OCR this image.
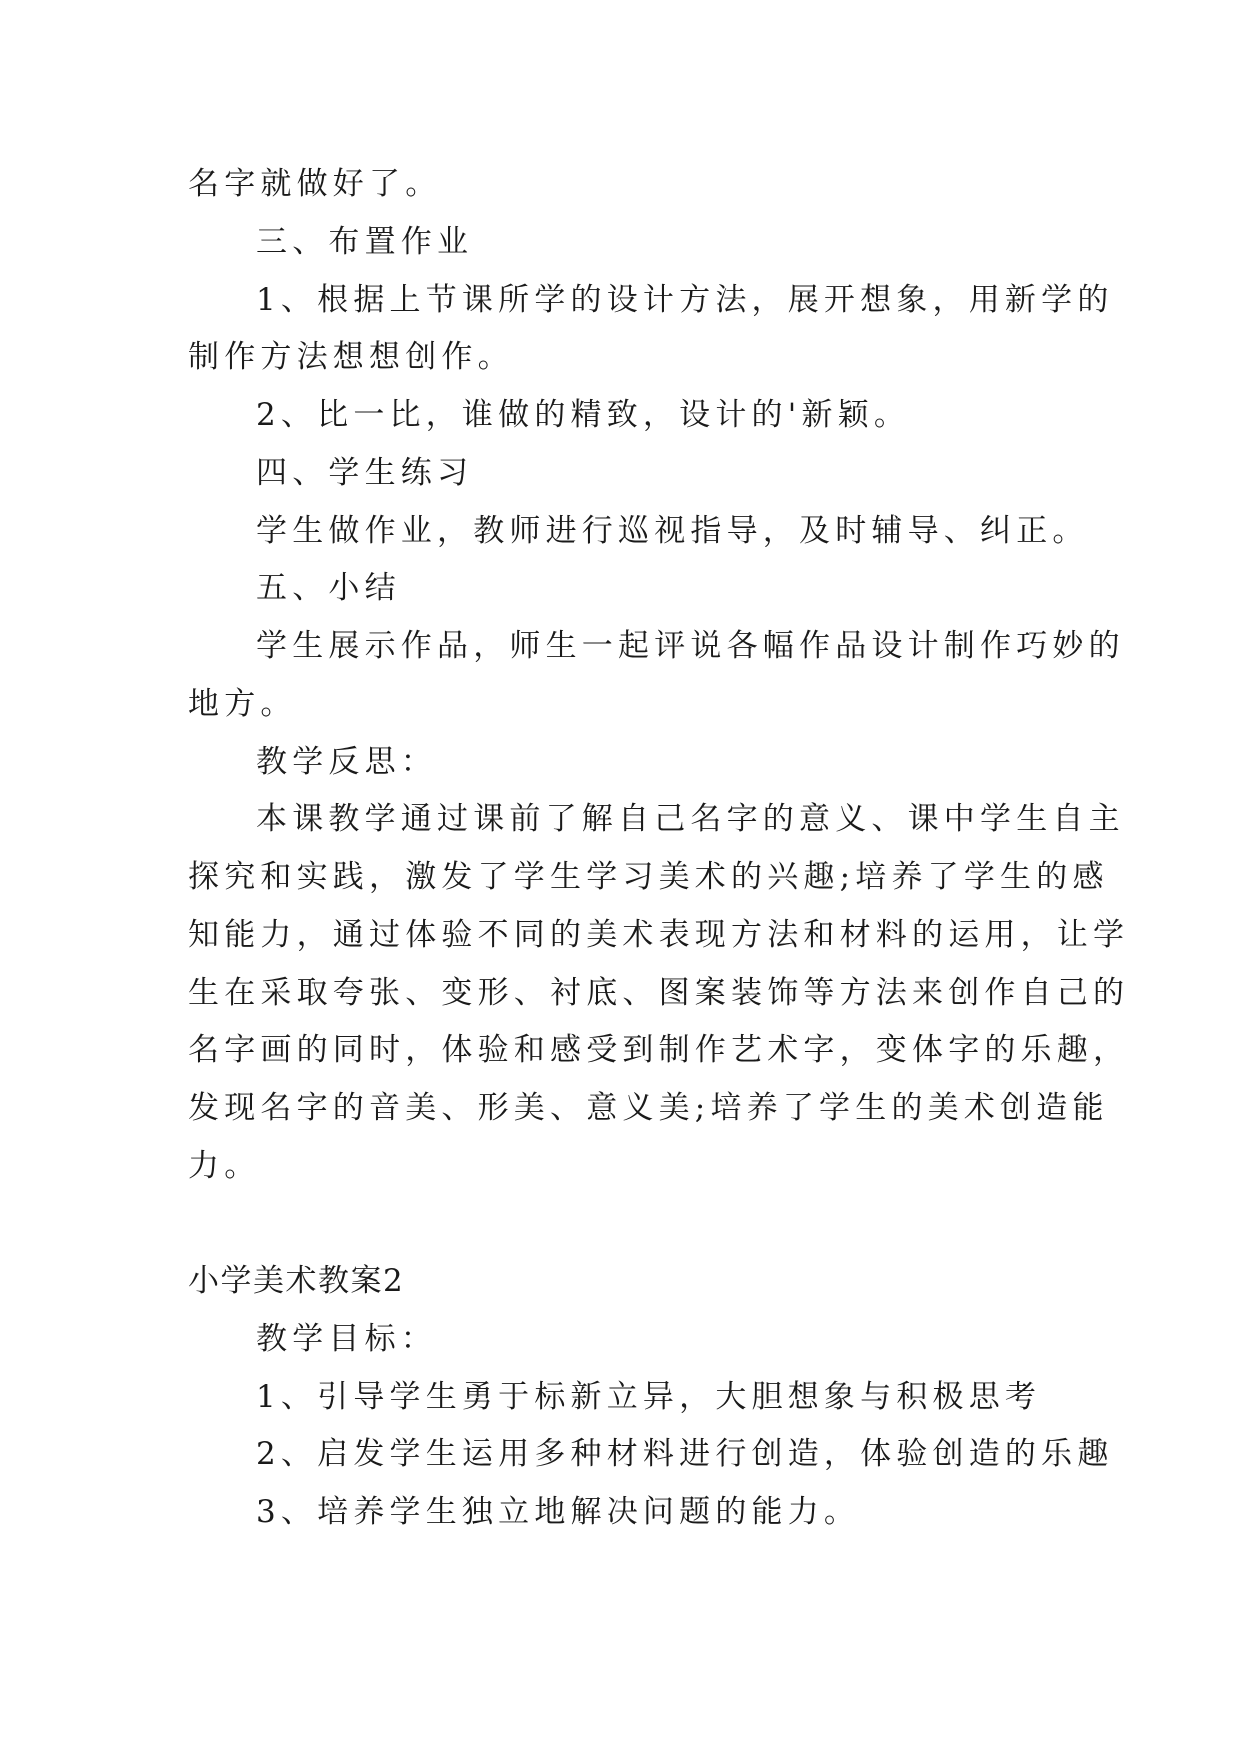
名字就做好了。
三、布置作业
1、根据上节课所学的设计方法，展开想象，用新学的
制作方法想想创作。
2、比一比，谁做的精致，设计的'新颖。
四、学生练习
学生做作业，教师进行巡视指导，及时辅导、纠正。
五、小结
学生展示作品，师生一起评说各幅作品设计制作巧妙的
地方。
教学反思：
本课教学通过课前了解自己名字的意义、课中学生自主
探究和实践，激发了学生学习美术的兴趣;培养了学生的感
知能力，通过体验不同的美术表现方法和材料的运用，让学
生在采取夸张、变形、衬底、图案装饰等方法来创作自己的
名字画的同时，体验和感受到制作艺术字，变体字的乐趣，
发现名字的音美、形美、意义美;培养了学生的美术创造能
力。
小学美术教案2
教学目标：
1、引导学生勇于标新立异，大胆想象与积极思考
2、启发学生运用多种材料进行创造，体验创造的乐趣
3、培养学生独立地解决问题的能力。
